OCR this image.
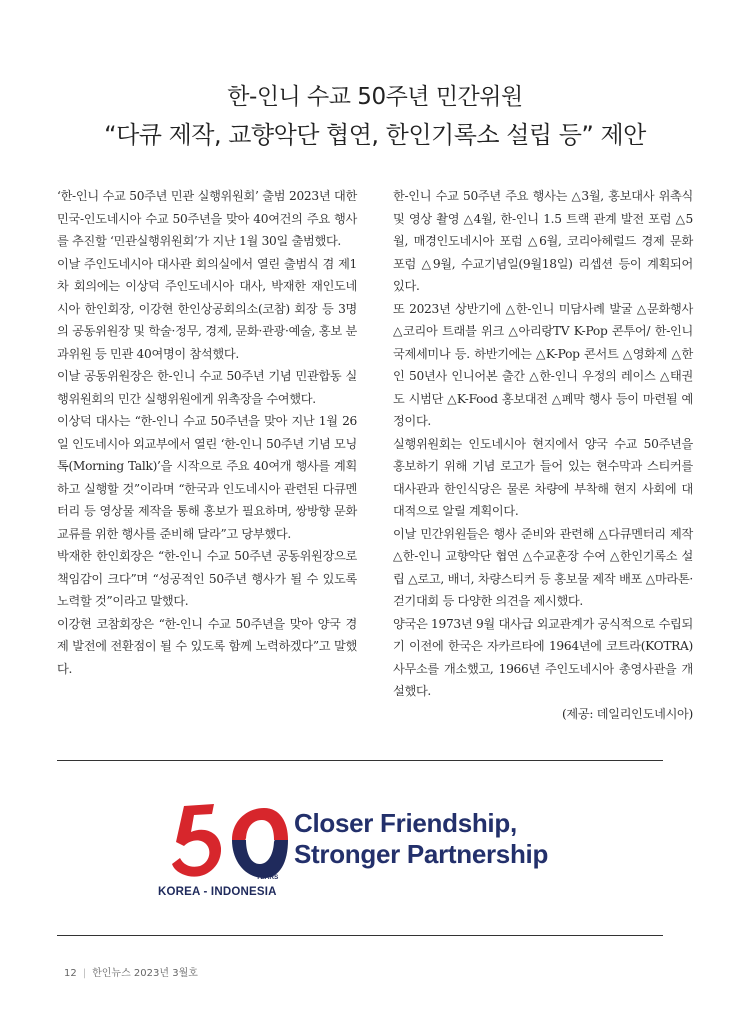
한-인니 수교 50주년 민간위원
“다큐 제작, 교향악단 협연, 한인기록소 설립 등” 제안

‘한-인니 수교 50주년 민관 실행위원회’ 출범 2023년 대한민국-인도네시아 수교 50주년을 맞아 40여건의 주요 행사를 추진할 ‘민관실행위원회’가 지난 1월 30일 출범했다.

이날 주인도네시아 대사관 회의실에서 열린 출범식 겸 제1차 회의에는 이상덕 주인도네시아 대사, 박재한 재인도네시아 한인회장, 이강현 한인상공회의소(코참) 회장 등 3명의 공동위원장 및 학술·정무, 경제, 문화·관광·예술, 홍보 분과위원 등 민관 40여명이 참석했다.

이날 공동위원장은 한-인니 수교 50주년 기념 민관합동 실행위원회의 민간 실행위원에게 위촉장을 수여했다.

이상덕 대사는 “한-인니 수교 50주년을 맞아 지난 1월 26일 인도네시아 외교부에서 열린 ‘한-인니 50주년 기념 모닝톡(Morning Talk)’을 시작으로 주요 40여개 행사를 계획하고 실행할 것”이라며 “한국과 인도네시아 관련된 다큐멘터리 등 영상물 제작을 통해 홍보가 필요하며, 쌍방향 문화교류를 위한 행사를 준비해 달라”고 당부했다.

박재한 한인회장은 “한-인니 수교 50주년 공동위원장으로 책임감이 크다”며 “성공적인 50주년 행사가 될 수 있도록 노력할 것”이라고 말했다.

이강현 코참회장은 “한-인니 수교 50주년을 맞아 양국 경제 발전에 전환점이 될 수 있도록 함께 노력하겠다”고 말했다.

한-인니 수교 50주년 주요 행사는 △3월, 홍보대사 위촉식 및 영상 촬영 △4월, 한-인니 1.5 트랙 관계 발전 포럼 △5월, 매경인도네시아 포럼 △6월, 코리아헤럴드 경제 문화 포럼 △9월, 수교기념일(9월18일) 리셉션 등이 계획되어 있다.

또 2023년 상반기에 △한-인니 미담사례 발굴 △문화행사 △코리아 트래블 위크 △아리랑TV K-Pop 콘투어/ 한-인니 국제세미나 등. 하반기에는 △K-Pop 콘서트 △영화제 △한인 50년사 인니어본 출간 △한-인니 우정의 레이스 △태권도 시범단 △K-Food 홍보대전 △폐막 행사 등이 마련될 예정이다.

실행위원회는 인도네시아 현지에서 양국 수교 50주년을 홍보하기 위해 기념 로고가 들어 있는 현수막과 스티커를 대사관과 한인식당은 물론 차량에 부착해 현지 사회에 대대적으로 알릴 계획이다.

이날 민간위원들은 행사 준비와 관련해 △다큐멘터리 제작 △한-인니 교향악단 협연 △수교훈장 수여 △한인기록소 설립 △로고, 배너, 차량스티커 등 홍보물 제작 배포 △마라톤·걷기대회 등 다양한 의견을 제시했다.

양국은 1973년 9월 대사급 외교관계가 공식적으로 수립되기 이전에 한국은 자카르타에 1964년에 코트라(KOTRA) 사무소를 개소했고, 1966년 주인도네시아 총영사관을 개설했다.

(제공: 데일리인도네시아)

YEARS
KOREA - INDONESIA
Closer Friendship,
Stronger Partnership
12 | 한인뉴스 2023년 3월호
